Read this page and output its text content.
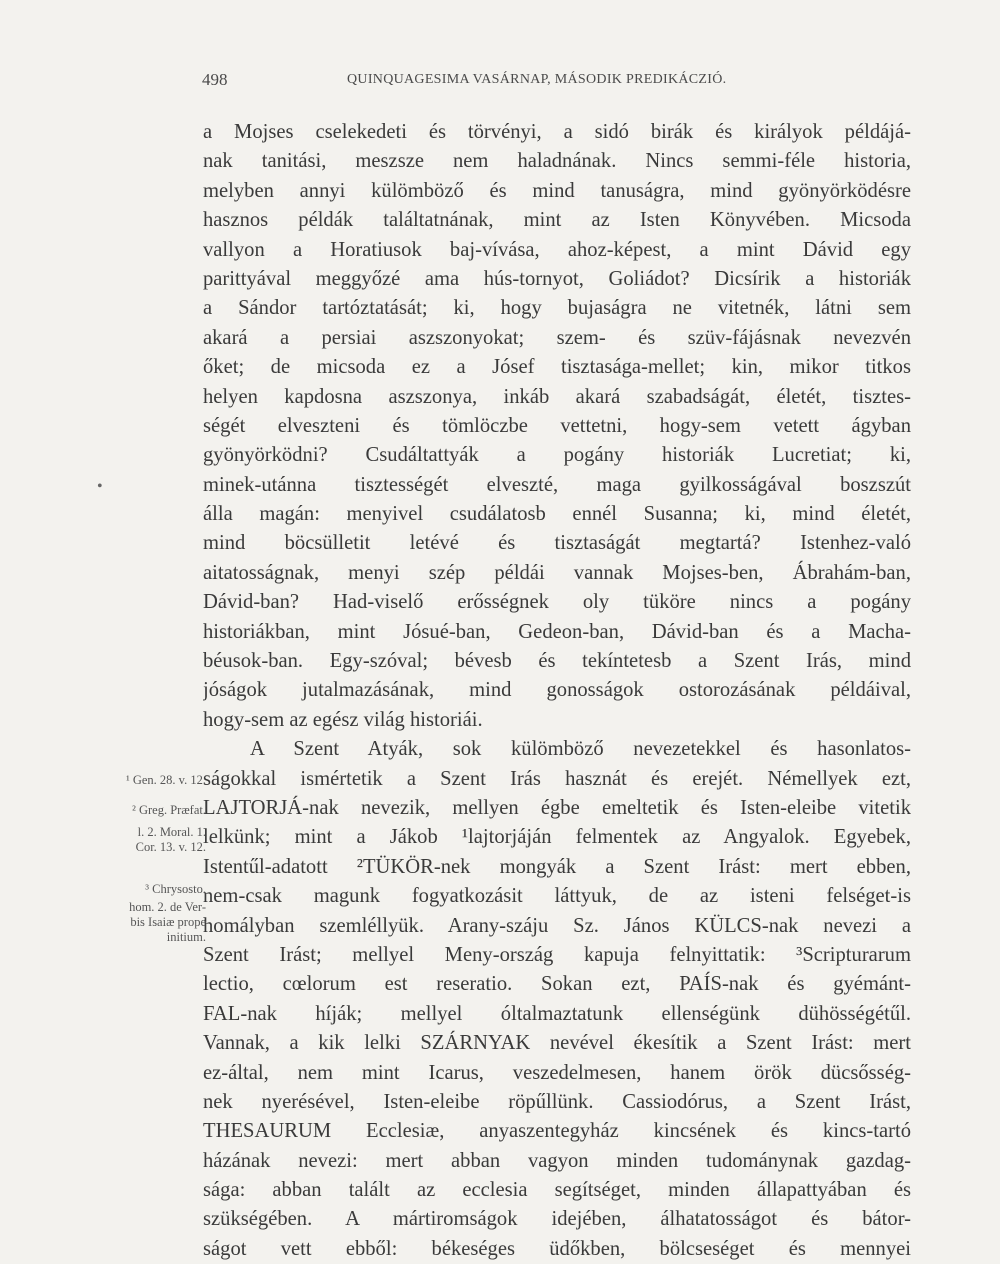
498	QUINQUAGESIMA VASÁRNAP, MÁSODIK PREDIKÁCZIÓ.
•
a Mojses cselekedeti és törvényi, a sidó birák és királyok példájá-
nak tanitási, meszsze nem haladnának. Nincs semmi-féle historia,
melyben annyi külömböző és mind tanuságra, mind gyönyörködésre
hasznos példák találtatnának, mint az Isten Könyvében. Micsoda
vallyon a Horatiusok baj-vívása, ahoz-képest, a mint Dávid egy
parittyával meggyőzé ama hús-tornyot, Goliádot? Dicsírik a historiák
a Sándor tartóztatását; ki, hogy bujaságra ne vitetnék, látni sem
akará a persiai aszszonyokat; szem- és szüv-fájásnak nevezvén
őket; de micsoda ez a Jósef tisztasága-mellet; kin, mikor titkos
helyen kapdosna aszszonya, inkáb akará szabadságát, életét, tisztes-
ségét elveszteni és tömlöczbe vettetni, hogy-sem vetett ágyban
gyönyörködni? Csudáltattyák a pogány historiák Lucretiat; ki,
minek-utánna tisztességét elveszté, maga gyilkosságával boszszút
álla magán: menyivel csudálatosb ennél Susanna; ki, mind életét,
mind böcsülletit letévé és tisztaságát megtartá? Istenhez-való
aitatosságnak, menyi szép példái vannak Mojses-ben, Ábrahám-ban,
Dávid-ban? Had-viselő erősségnek oly tüköre nincs a pogány
historiákban, mint Jósué-ban, Gedeon-ban, Dávid-ban és a Macha-
béusok-ban. Egy-szóval; bévesb és tekíntetesb a Szent Irás, mind
jóságok jutalmazásának, mind gonosságok ostorozásának példáival,
hogy-sem az egész világ historiái.
A Szent Atyák, sok külömböző nevezetekkel és hasonlatos-
ságokkal ismértetik a Szent Irás hasznát és erejét. Némellyek ezt,
LAJTORJÁ-nak nevezik, mellyen égbe emeltetik és Isten-eleibe vitetik
lelkünk; mint a Jákob ¹lajtorjáján felmentek az Angyalok. Egyebek,
Istentűl-adatott ²TÜKÖR-nek mongyák a Szent Irást: mert ebben,
nem-csak magunk fogyatkozásit láttyuk, de az isteni felséget-is
homályban szemléllyük. Arany-száju Sz. János KÜLCS-nak nevezi a
Szent Irást; mellyel Meny-ország kapuja felnyittatik: ³Scripturarum
lectio, cœlorum est reseratio. Sokan ezt, PAÍS-nak és gyémánt-
FAL-nak híják; mellyel óltalmaztatunk ellenségünk dühösségétűl.
Vannak, a kik lelki SZÁRNYAK nevével ékesítik a Szent Irást: mert
ez-által, nem mint Icarus, veszedelmesen, hanem örök dücsősség-
nek nyerésével, Isten-eleibe röpűllünk. Cassiodórus, a Szent Irást,
THESAURUM Ecclesiæ, anyaszentegyház kincsének és kincs-tartó
házának nevezi: mert abban vagyon minden tudománynak gazdag-
sága: abban talált az ecclesia segítséget, minden állapattyában és
szükségében. A mártiromságok idejében, álhatatosságot és bátor-
ságot vett ebből: békeséges üdőkben, bölcseséget és mennyei
¹ Gen. 28. v. 12.
² Greg. Præfat.
l. 2. Moral. 1.
Cor. 13. v. 12.
³ Chrysosto.
hom. 2. de Ver-
bis Isaiæ prope
initium.
